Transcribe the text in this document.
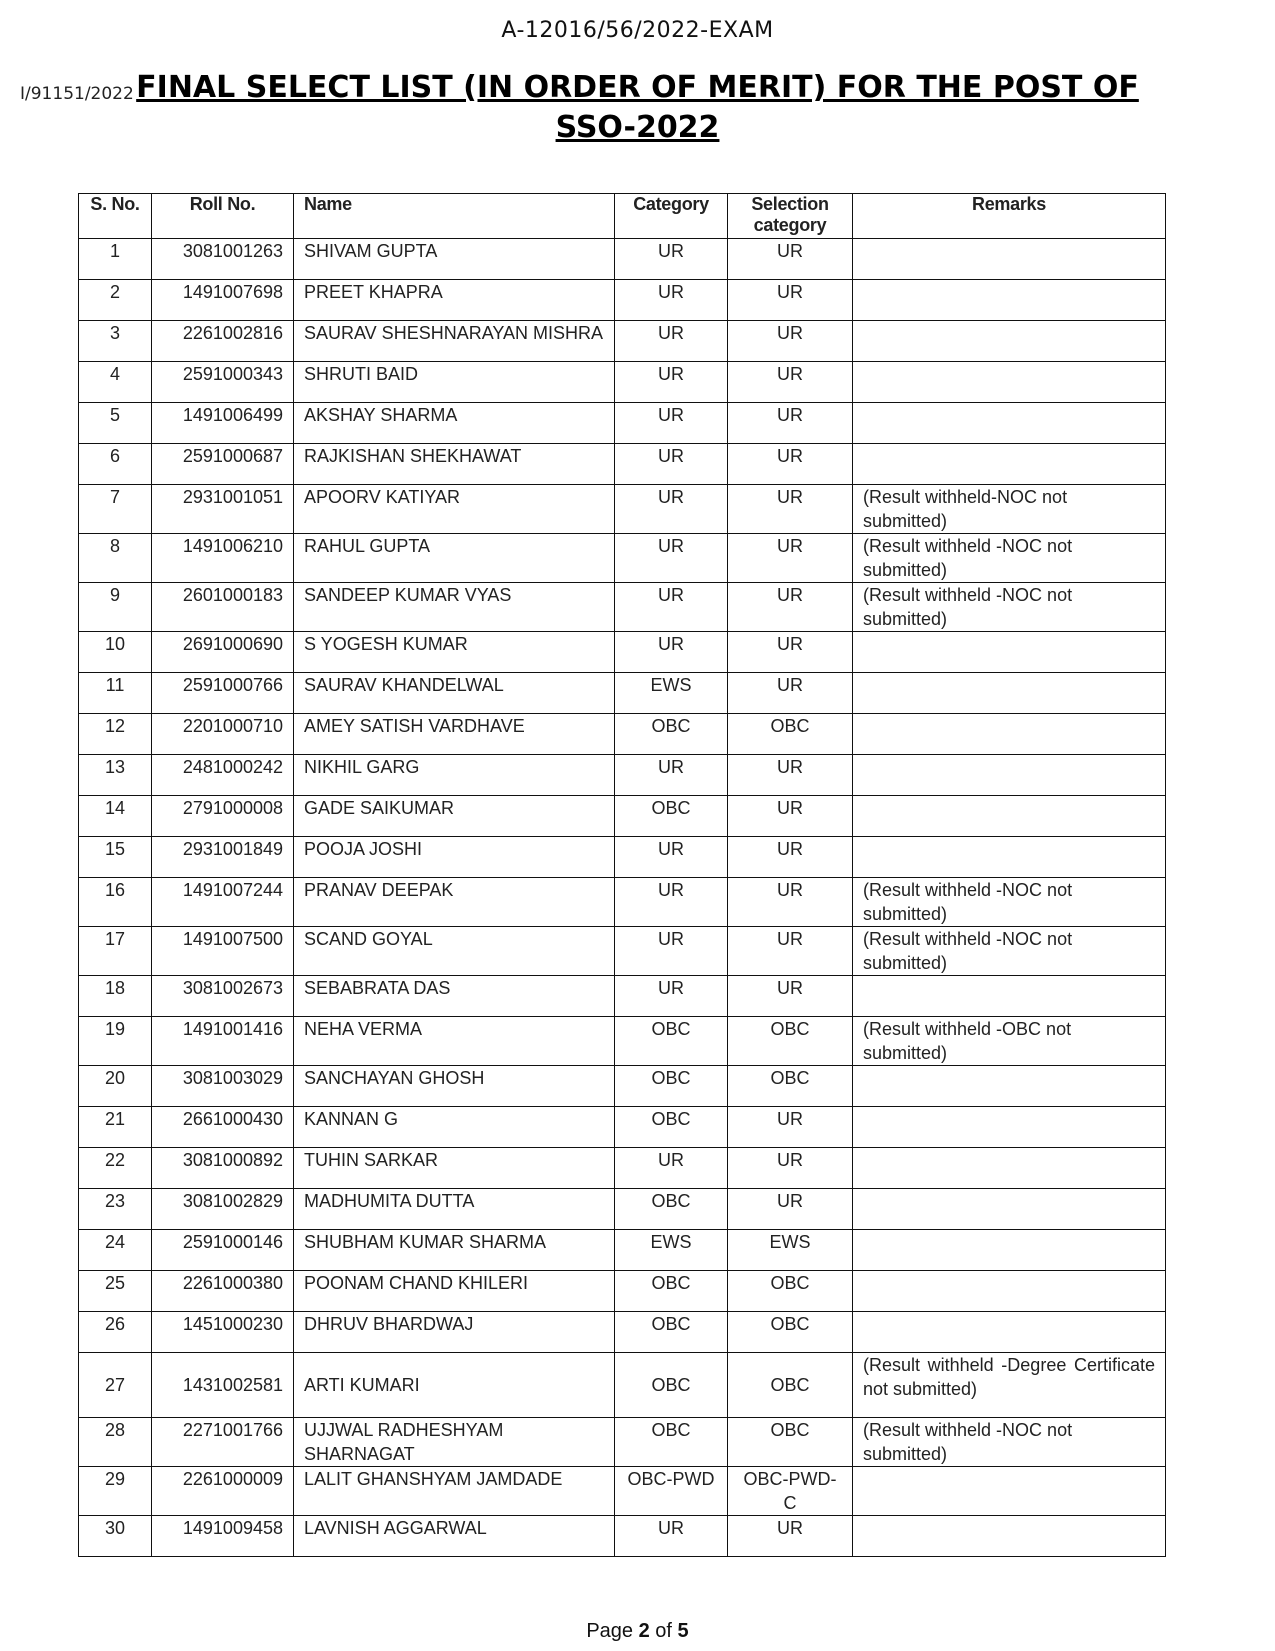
A-12016/56/2022-EXAM
I/91151/2022 FINAL SELECT LIST (IN ORDER OF MERIT) FOR THE POST OF
SSO-2022
S. No.	Roll No.	Name	Category	Selection category	Remarks
1	3081001263	SHIVAM GUPTA	UR	UR	
2	1491007698	PREET KHAPRA	UR	UR	
3	2261002816	SAURAV SHESHNARAYAN MISHRA	UR	UR	
4	2591000343	SHRUTI BAID	UR	UR	
5	1491006499	AKSHAY SHARMA	UR	UR	
6	2591000687	RAJKISHAN SHEKHAWAT	UR	UR	
7	2931001051	APOORV KATIYAR	UR	UR	(Result withheld-NOC not submitted)
8	1491006210	RAHUL GUPTA	UR	UR	(Result withheld -NOC not submitted)
9	2601000183	SANDEEP KUMAR VYAS	UR	UR	(Result withheld -NOC not submitted)
10	2691000690	S YOGESH KUMAR	UR	UR	
11	2591000766	SAURAV KHANDELWAL	EWS	UR	
12	2201000710	AMEY SATISH VARDHAVE	OBC	OBC	
13	2481000242	NIKHIL GARG	UR	UR	
14	2791000008	GADE SAIKUMAR	OBC	UR	
15	2931001849	POOJA JOSHI	UR	UR	
16	1491007244	PRANAV DEEPAK	UR	UR	(Result withheld -NOC not submitted)
17	1491007500	SCAND GOYAL	UR	UR	(Result withheld -NOC not submitted)
18	3081002673	SEBABRATA DAS	UR	UR	
19	1491001416	NEHA VERMA	OBC	OBC	(Result withheld -OBC not submitted)
20	3081003029	SANCHAYAN GHOSH	OBC	OBC	
21	2661000430	KANNAN G	OBC	UR	
22	3081000892	TUHIN SARKAR	UR	UR	
23	3081002829	MADHUMITA DUTTA	OBC	UR	
24	2591000146	SHUBHAM KUMAR SHARMA	EWS	EWS	
25	2261000380	POONAM CHAND KHILERI	OBC	OBC	
26	1451000230	DHRUV BHARDWAJ	OBC	OBC	
27	1431002581	ARTI KUMARI	OBC	OBC	(Result withheld -Degree Certificate not submitted)
28	2271001766	UJJWAL RADHESHYAM SHARNAGAT	OBC	OBC	(Result withheld -NOC not submitted)
29	2261000009	LALIT GHANSHYAM JAMDADE	OBC-PWD	OBC-PWD-C	
30	1491009458	LAVNISH AGGARWAL	UR	UR	
Page 2 of 5
